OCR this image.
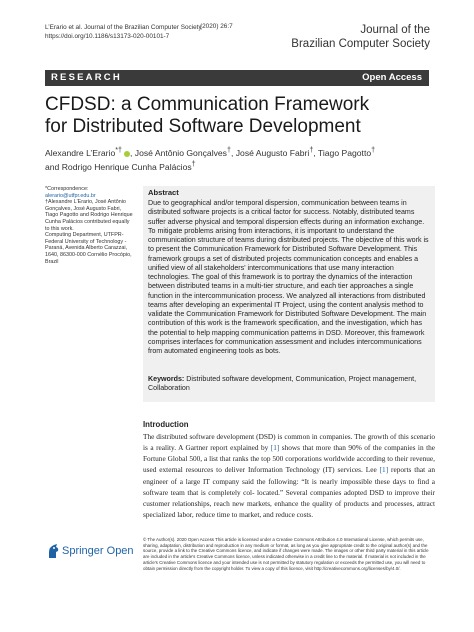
L’Erario et al. Journal of the Brazilian Computer Society
https://doi.org/10.1186/s13173-020-00101-7
(2020) 26:7	Journal of the
Brazilian Computer Society
RESEARCH	Open Access
CFDSD: a Communication Framework
for Distributed Software Development
Alexandre L’Erario*† , José Antônio Gonçalves†, José Augusto Fabri†, Tiago Pagotto†
and Rodrigo Henrique Cunha Palácios†
*Correspondence:
alerario@utfpr.edu.br
†Alexandre L’Erario, José Antônio Gonçalves, José Augusto Fabri, Tiago Pagotto and Rodrigo Henrique Cunha Palácios contributed equally to this work.
Computing Department, UTFPR- Federal University of Technology - Paraná, Avenida Alberto Carazzai, 1640, 86300-000 Cornélio Procópio, Brazil
Abstract
Due to geographical and/or temporal dispersion, communication between teams in distributed software projects is a critical factor for success. Notably, distributed teams suffer adverse physical and temporal dispersion effects during an information exchange. To mitigate problems arising from interactions, it is important to understand the communication structure of teams during distributed projects. The objective of this work is to present the Communication Framework for Distributed Software Development. This framework groups a set of distributed projects communication concepts and enables a unified view of all stakeholders' intercommunications that use many interaction technologies. The goal of this framework is to portray the dynamics of the interaction between distributed teams in a multi-tier structure, and each tier approaches a single function in the intercommunication process. We analyzed all interactions from distributed teams after developing an experimental IT Project, using the content analysis method to validate the Communication Framework for Distributed Software Development. The main contribution of this work is the framework specification, and the investigation, which has the potential to help mapping communication patterns in DSD. Moreover, this framework comprises interfaces for communication assessment and includes intercommunications from automated engineering tools as bots.
Keywords: Distributed software development, Communication, Project management, Collaboration
Introduction
The distributed software development (DSD) is common in companies. The growth of this scenario is a reality. A Gartner report explained by [1] shows that more than 90% of the companies in the Fortune Global 500, a list that ranks the top 500 corporations worldwide according to their revenue, used external resources to deliver Information Technology (IT) services. Lee [1] reports that an engineer of a large IT company said the following: “It is nearly impossible these days to find a software team that is completely col- located.” Several companies adopted DSD to improve their customer relationships, reach new markets, enhance the quality of products and processes, attract specialized labor, reduce time to market, and reduce costs.
Springer Open
© The Author(s). 2020 Open Access This article is licensed under a Creative Commons Attribution 4.0 International License, which permits use, sharing, adaptation, distribution and reproduction in any medium or format, as long as you give appropriate credit to the original author(s) and the source, provide a link to the Creative Commons licence, and indicate if changes were made. The images or other third party material in this article are included in the article's Creative Commons licence, unless indicated otherwise in a credit line to the material. If material is not included in the article's Creative Commons licence and your intended use is not permitted by statutory regulation or exceeds the permitted use, you will need to obtain permission directly from the copyright holder. To view a copy of this licence, visit http://creativecommons.org/licenses/by/4.0/.
